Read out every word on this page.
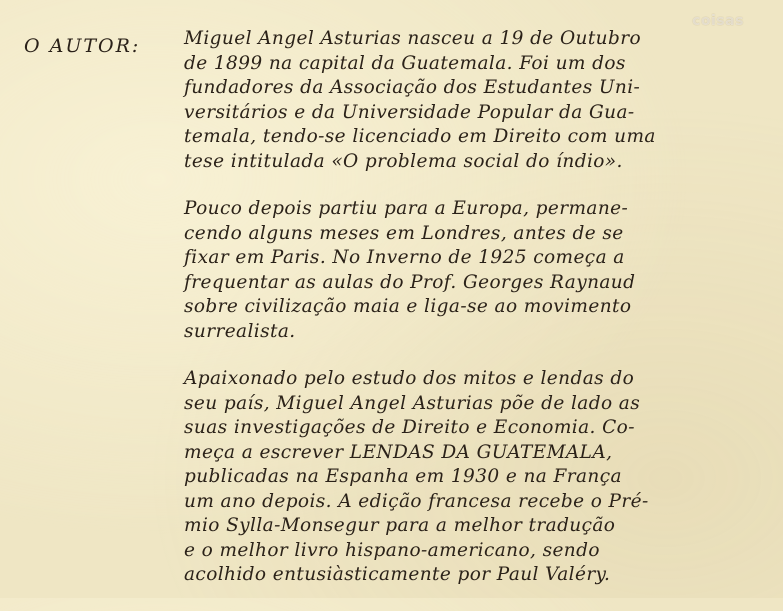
coisas
O AUTOR: Miguel Angel Asturias nasceu a 19 de Outubro
de 1899 na capital da Guatemala. Foi um dos
fundadores da Associação dos Estudantes Uni-
versitários e da Universidade Popular da Gua-
temala, tendo-se licenciado em Direito com uma
tese intitulada «O problema social do índio».

Pouco depois partiu para a Europa, permane-
cendo alguns meses em Londres, antes de se
fixar em Paris. No Inverno de 1925 começa a
frequentar as aulas do Prof. Georges Raynaud
sobre civilização maia e liga-se ao movimento
surrealista.

Apaixonado pelo estudo dos mitos e lendas do
seu país, Miguel Angel Asturias põe de lado as
suas investigações de Direito e Economia. Co-
meça a escrever LENDAS DA GUATEMALA,
publicadas na Espanha em 1930 e na França
um ano depois. A edição francesa recebe o Pré-
mio Sylla-Monsegur para a melhor tradução
e o melhor livro hispano-americano, sendo
acolhido entusiàsticamente por Paul Valéry.
